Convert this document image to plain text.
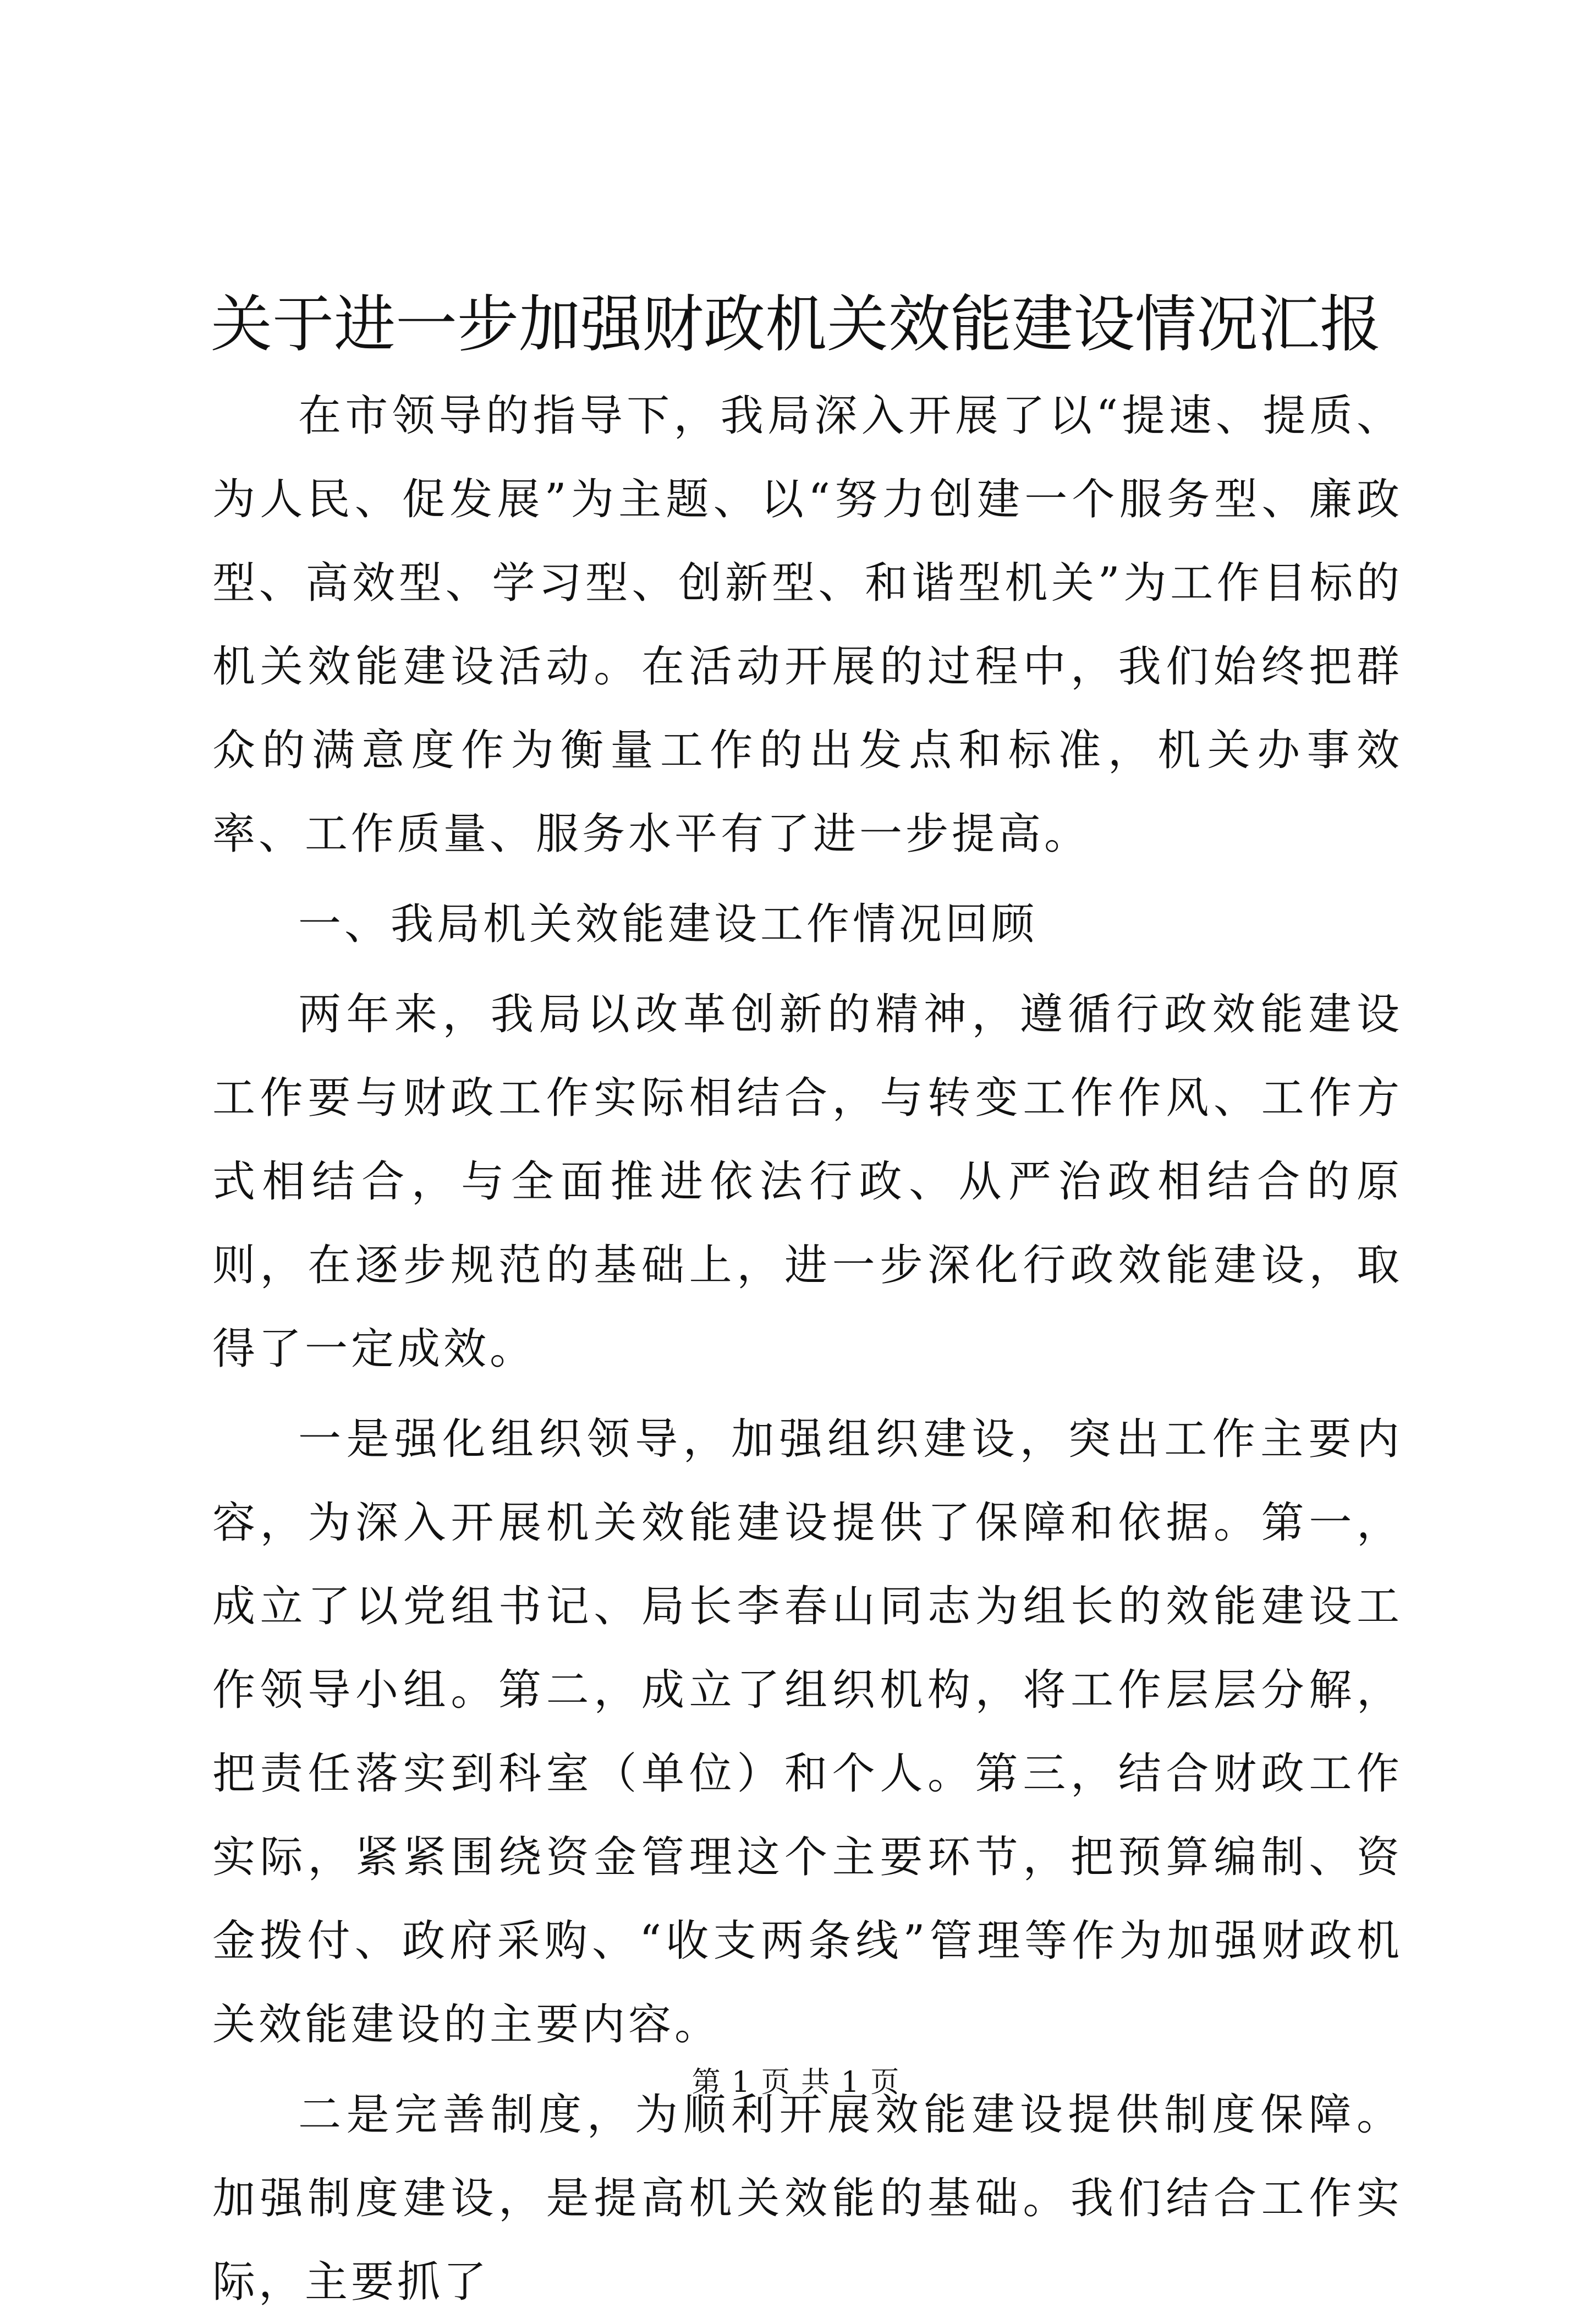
关于进一步加强财政机关效能建设情况汇报

在市领导的指导下，我局深入开展了以“提速、提质、为人民、促发展”为主题、以“努力创建一个服务型、廉政型、高效型、学习型、创新型、和谐型机关”为工作目标的机关效能建设活动。在活动开展的过程中，我们始终把群众的满意度作为衡量工作的出发点和标准，机关办事效率、工作质量、服务水平有了进一步提高。

一、我局机关效能建设工作情况回顾

两年来，我局以改革创新的精神，遵循行政效能建设工作要与财政工作实际相结合，与转变工作作风、工作方式相结合，与全面推进依法行政、从严治政相结合的原则，在逐步规范的基础上，进一步深化行政效能建设，取得了一定成效。

一是强化组织领导，加强组织建设，突出工作主要内容，为深入开展机关效能建设提供了保障和依据。第一，成立了以党组书记、局长李春山同志为组长的效能建设工作领导小组。第二，成立了组织机构，将工作层层分解，把责任落实到科室（单位）和个人。第三，结合财政工作实际，紧紧围绕资金管理这个主要环节，把预算编制、资金拨付、政府采购、“收支两条线”管理等作为加强财政机关效能建设的主要内容。

二是完善制度，为顺利开展效能建设提供制度保障。加强制度建设，是提高机关效能的基础。我们结合工作实际，主要抓了

第 1 页 共 1 页
